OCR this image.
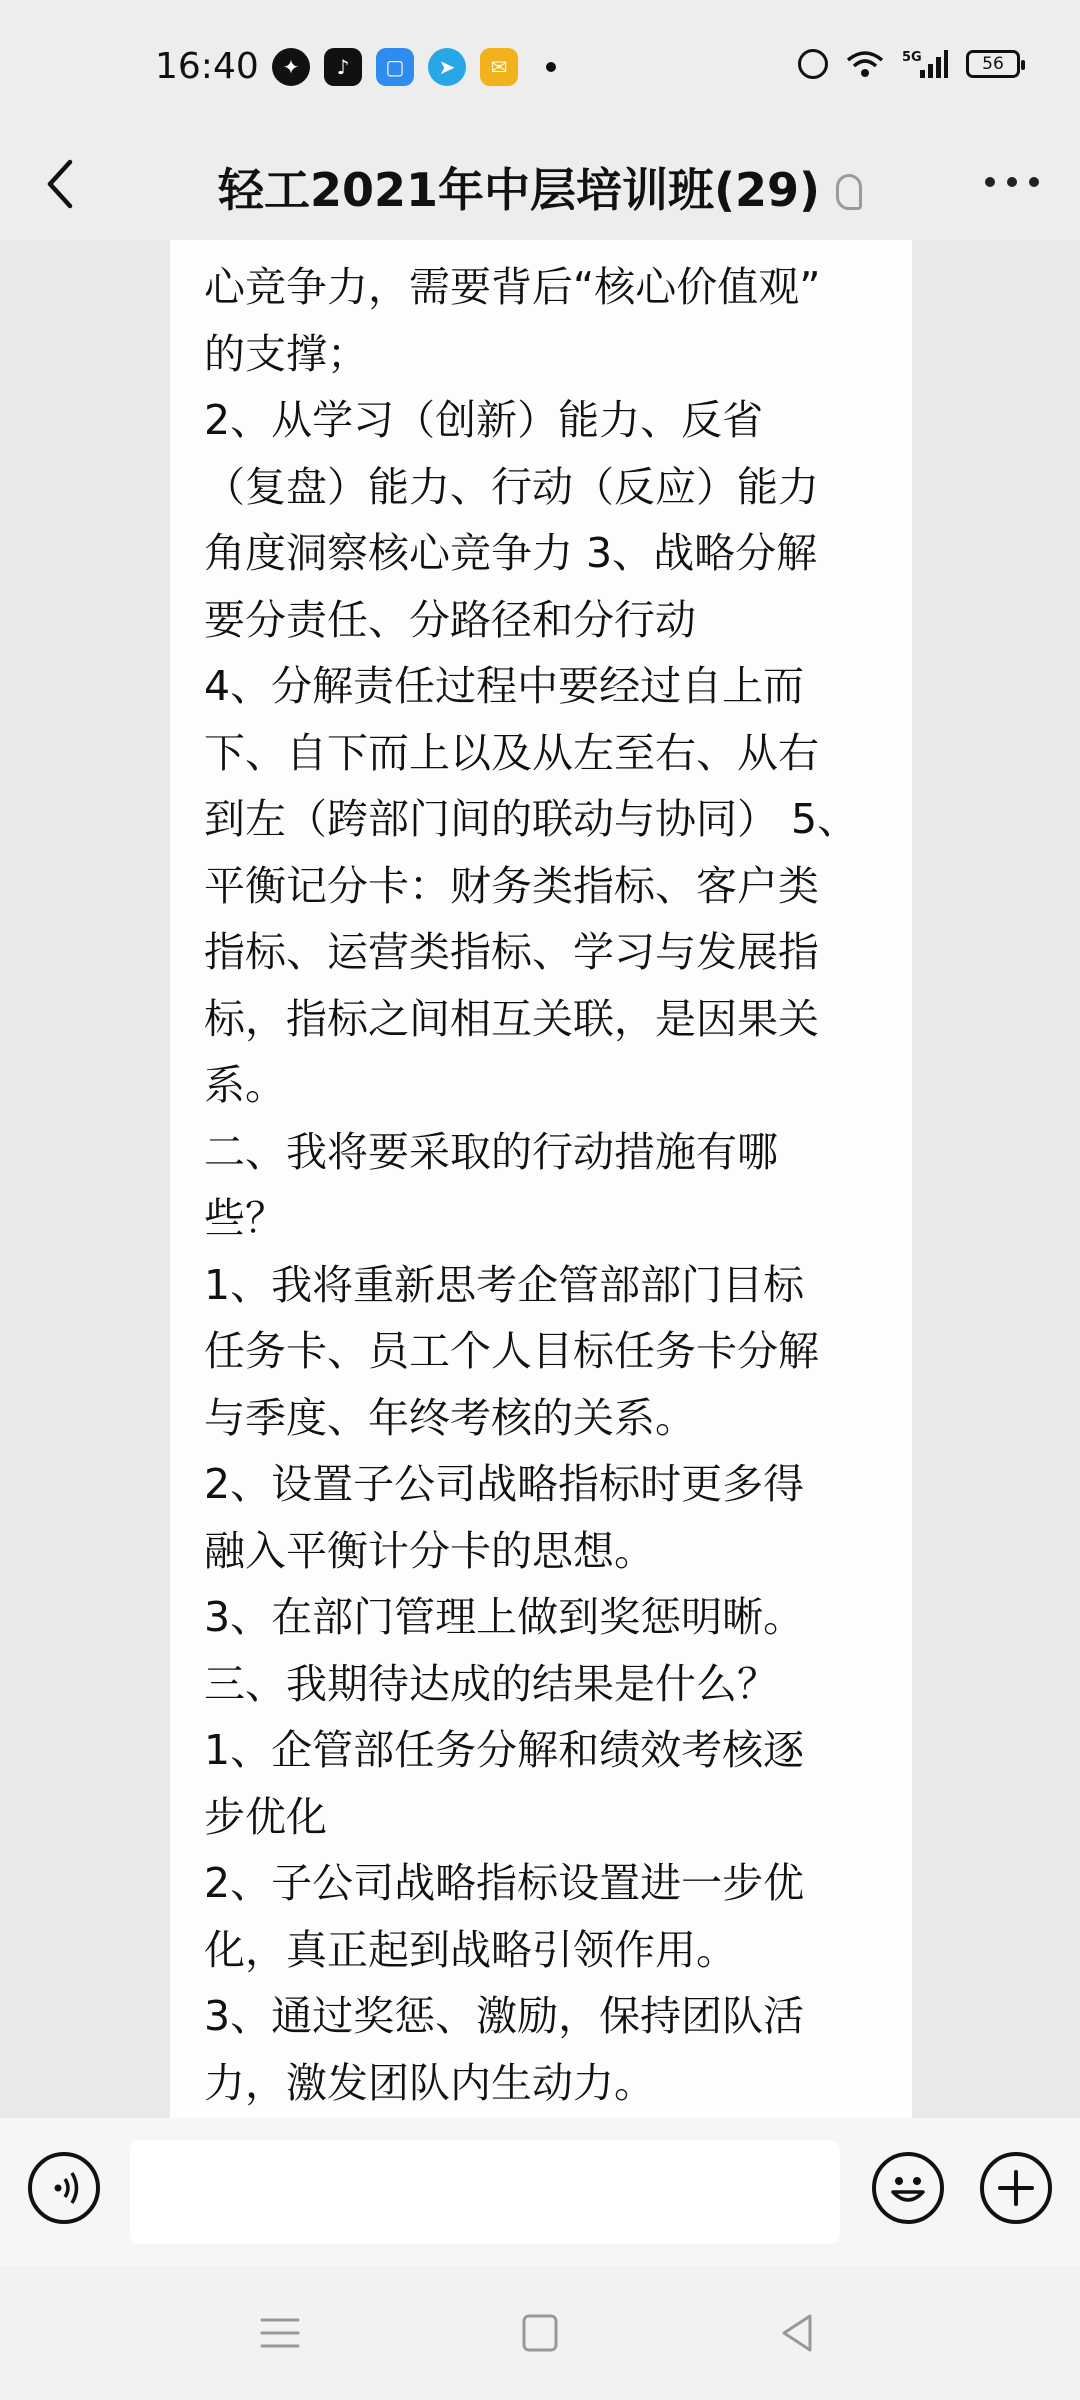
16:40	✦	♪	▢	➤	✉	5G	56
轻工2021年中层培训班(29)
心竞争力，需要背后“核心价值观”
的支撑；
2、从学习（创新）能力、反省
（复盘）能力、行动（反应）能力
角度洞察核心竞争力 3、战略分解
要分责任、分路径和分行动
4、分解责任过程中要经过自上而
下、自下而上以及从左至右、从右
到左（跨部门间的联动与协同） 5、
平衡记分卡：财务类指标、客户类
指标、运营类指标、学习与发展指
标，指标之间相互关联，是因果关
系。
二、我将要采取的行动措施有哪
些？
1、我将重新思考企管部部门目标
任务卡、员工个人目标任务卡分解
与季度、年终考核的关系。
2、设置子公司战略指标时更多得
融入平衡计分卡的思想。
3、在部门管理上做到奖惩明晰。
三、我期待达成的结果是什么？
1、企管部任务分解和绩效考核逐
步优化
2、子公司战略指标设置进一步优
化，真正起到战略引领作用。
3、通过奖惩、激励，保持团队活
力，激发团队内生动力。
